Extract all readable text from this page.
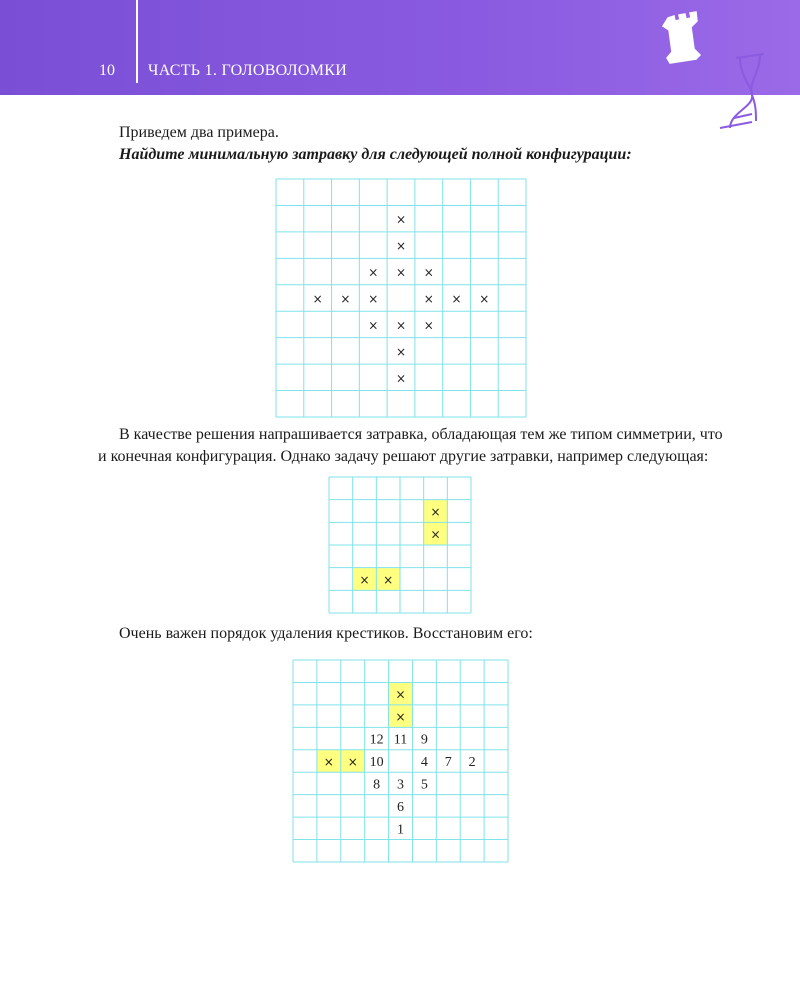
10 ЧАСТЬ 1. ГОЛОВОЛОМКИ
Приведем два примера.
Найдите минимальную затравку для следующей полной конфигурации:
×
×
× × ×
× × ×	× × ×
× × ×
×
×
В качестве решения напрашивается затравка, обладающая тем же типом симметрии, что
и конечная конфигурация. Однако задачу решают другие затравки, например следующая:
×
×
× ×
Очень важен порядок удаления крестиков. Восстановим его:
×
×
12 11 9
× × 10	4 7 2
8 3 5
6
1
